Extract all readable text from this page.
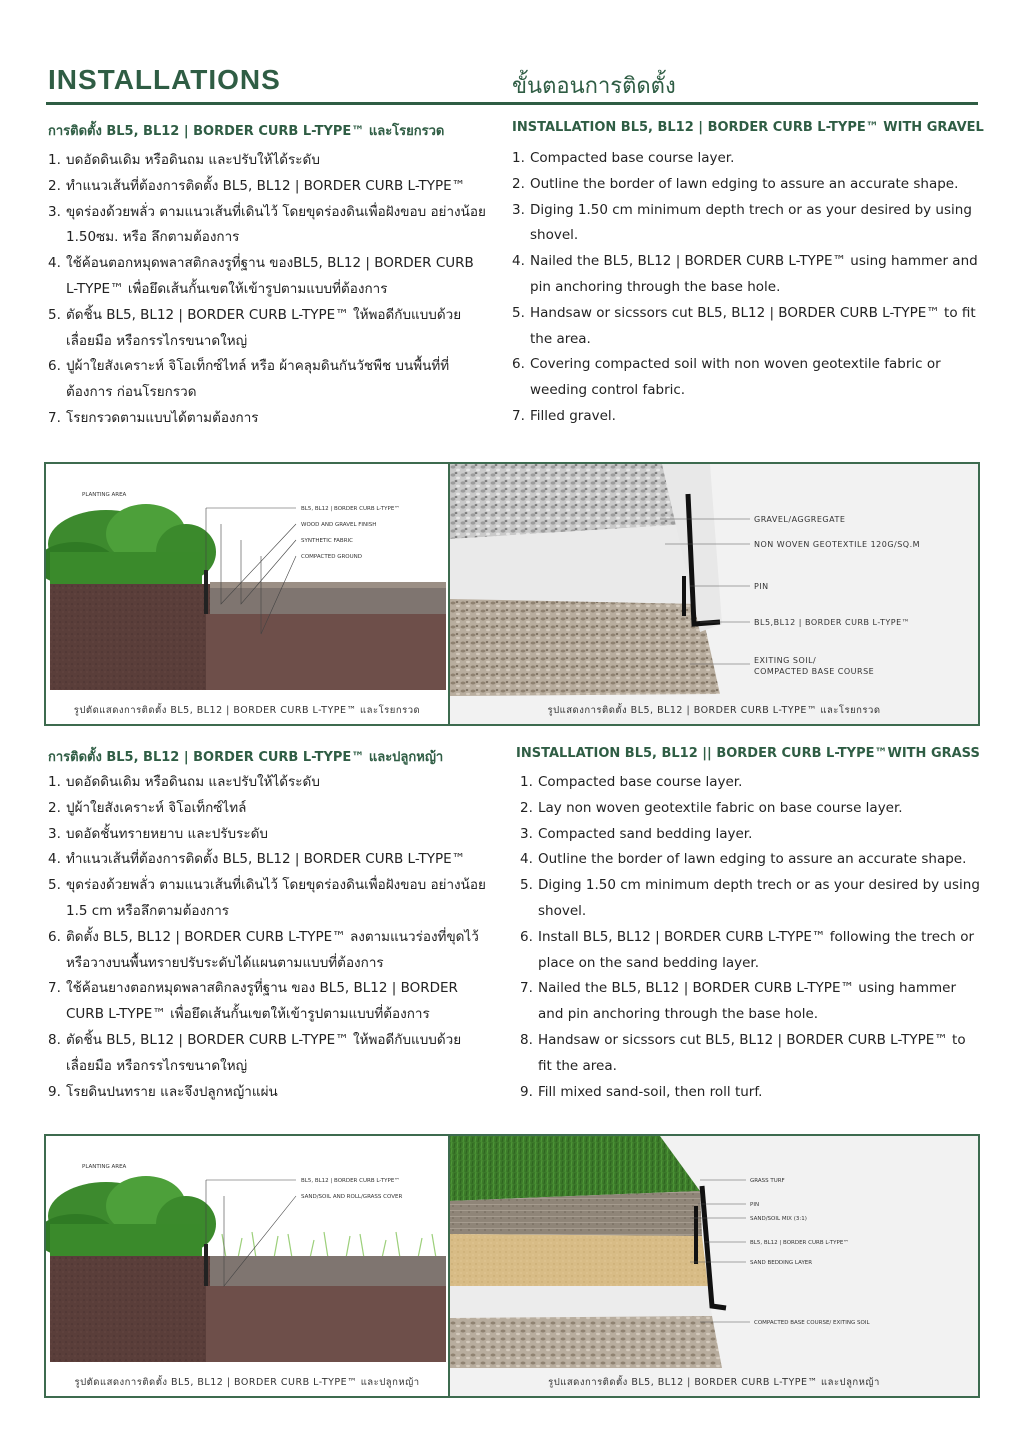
INSTALLATIONS	ขั้นตอนการติดตั้ง
การติดตั้ง BL5, BL12 | BORDER CURB L-TYPE™ และโรยกรวด	INSTALLATION BL5, BL12 | BORDER CURB L-TYPE™ WITH GRAVEL
1. บดอัดดินเดิม หรือดินถม และปรับให้ได้ระดับ
2. ทำแนวเส้นที่ต้องการติดตั้ง BL5, BL12 | BORDER CURB L-TYPE™
3. ขุดร่องด้วยพลั่ว ตามแนวเส้นที่เดินไว้ โดยขุดร่องดินเพื่อฝังขอบ อย่างน้อย 1.50ซม. หรือ ลึกตามต้องการ
4. ใช้ค้อนตอกหมุดพลาสติกลงรูที่ฐาน ของBL5, BL12 | BORDER CURB L-TYPE™ เพื่อยึดเส้นกั้นเขตให้เข้ารูปตามแบบที่ต้องการ
5. ตัดชิ้น BL5, BL12 | BORDER CURB L-TYPE™ ให้พอดีกับแบบด้วย เลื่อยมือ หรือกรรไกรขนาดใหญ่
6. ปูผ้าใยสังเคราะห์ จิโอเท็กซ์ไทล์ หรือ ผ้าคลุมดินกันวัชพืช บนพื้นที่ที่ต้องการ ก่อนโรยกรวด
7. โรยกรวดตามแบบได้ตามต้องการ
1. Compacted base course layer.
2. Outline the border of lawn edging to assure an accurate shape.
3. Diging 1.50 cm minimum depth trech or as your desired by using shovel.
4. Nailed the BL5, BL12 | BORDER CURB L-TYPE™ using hammer and pin anchoring through the base hole.
5. Handsaw or sicssors cut BL5, BL12 | BORDER CURB L-TYPE™ to fit the area.
6. Covering compacted soil with non woven geotextile fabric or weeding control fabric.
7. Filled gravel.
PLANTING AREA
BL5, BL12 | BORDER CURB L-TYPE™
WOOD AND GRAVEL FINISH
SYNTHETIC FABRIC
COMPACTED GROUND
รูปตัดแสดงการติดตั้ง BL5, BL12 | BORDER CURB L-TYPE™ และโรยกรวด
GRAVEL/AGGREGATE
NON WOVEN GEOTEXTILE 120G/SQ.M
PIN
BL5,BL12 | BORDER CURB L-TYPE™
EXITING SOIL/
COMPACTED BASE COURSE
รูปแสดงการติดตั้ง BL5, BL12 | BORDER CURB L-TYPE™ และโรยกรวด
การติดตั้ง BL5, BL12 | BORDER CURB L-TYPE™ และปลูกหญ้า	INSTALLATION BL5, BL12 || BORDER CURB L-TYPE™WITH GRASS
1. บดอัดดินเดิม หรือดินถม และปรับให้ได้ระดับ
2. ปูผ้าใยสังเคราะห์ จิโอเท็กซ์ไทล์
3. บดอัดชั้นทรายหยาบ และปรับระดับ
4. ทำแนวเส้นที่ต้องการติดตั้ง BL5, BL12 | BORDER CURB L-TYPE™
5. ขุดร่องด้วยพลั่ว ตามแนวเส้นที่เดินไว้ โดยขุดร่องดินเพื่อฝังขอบ อย่างน้อย 1.5 cm หรือลึกตามต้องการ
6. ติดตั้ง BL5, BL12 | BORDER CURB L-TYPE™ ลงตามแนวร่องที่ขุดไว้ หรือวางบนพื้นทรายปรับระดับได้แผนตามแบบที่ต้องการ
7. ใช้ค้อนยางตอกหมุดพลาสติกลงรูที่ฐาน ของ BL5, BL12 | BORDER CURB L-TYPE™ เพื่อยึดเส้นกั้นเขตให้เข้ารูปตามแบบที่ต้องการ
8. ตัดชิ้น BL5, BL12 | BORDER CURB L-TYPE™ ให้พอดีกับแบบด้วย เลื่อยมือ หรือกรรไกรขนาดใหญ่
9. โรยดินปนทราย และจึงปลูกหญ้าแผ่น
1. Compacted base course layer.
2. Lay non woven geotextile fabric on base course layer.
3. Compacted sand bedding layer.
4. Outline the border of lawn edging to assure an accurate shape.
5. Diging 1.50 cm minimum depth trech or as your desired by using shovel.
6. Install BL5, BL12 | BORDER CURB L-TYPE™ following the trech or place on the sand bedding layer.
7. Nailed the BL5, BL12 | BORDER CURB L-TYPE™ using hammer and pin anchoring through the base hole.
8. Handsaw or sicssors cut BL5, BL12 | BORDER CURB L-TYPE™ to fit the area.
9. Fill mixed sand-soil, then roll turf.
PLANTING AREA
BL5, BL12 | BORDER CURB L-TYPE™
SAND/SOIL AND ROLL/GRASS COVER
รูปตัดแสดงการติดตั้ง BL5, BL12 | BORDER CURB L-TYPE™ และปลูกหญ้า
GRASS TURF
PIN
SAND/SOIL MIX (3:1)
BL5, BL12 | BORDER CURB L-TYPE™
SAND BEDDING LAYER
COMPACTED BASE COURSE/ EXITING SOIL
รูปแสดงการติดตั้ง BL5, BL12 | BORDER CURB L-TYPE™ และปลูกหญ้า
